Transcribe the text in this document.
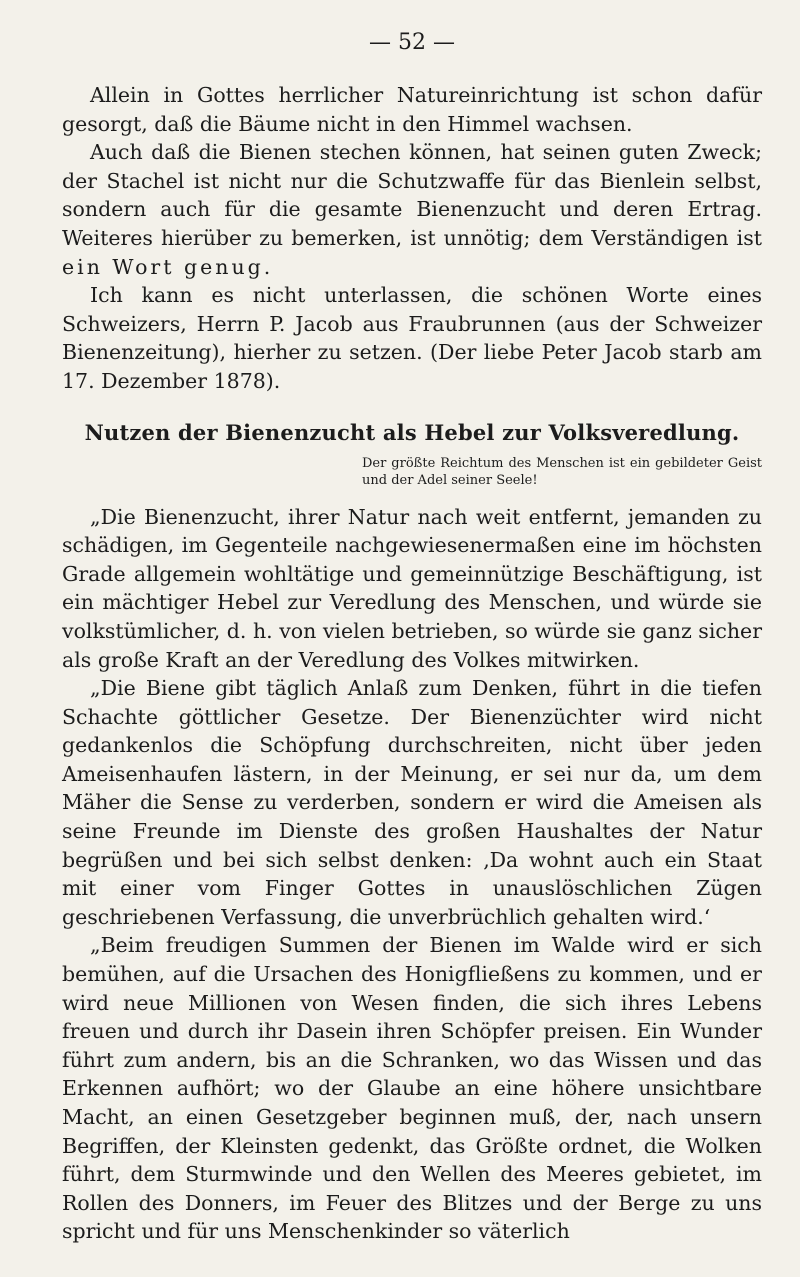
— 52 —

Allein in Gottes herrlicher Natureinrichtung ist schon dafür gesorgt, daß die Bäume nicht in den Himmel wachsen.

Auch daß die Bienen stechen können, hat seinen guten Zweck; der Stachel ist nicht nur die Schutzwaffe für das Bienlein selbst, sondern auch für die gesamte Bienenzucht und deren Ertrag. Weiteres hierüber zu bemerken, ist unnötig; dem Verständigen ist ein Wort genug.

Ich kann es nicht unterlassen, die schönen Worte eines Schweizers, Herrn P. Jacob aus Fraubrunnen (aus der Schweizer Bienenzeitung), hierher zu setzen. (Der liebe Peter Jacob starb am 17. Dezember 1878).

Nutzen der Bienenzucht als Hebel zur Volksveredlung.
Der größte Reichtum des Menschen ist ein gebildeter Geist und der Adel seiner Seele!

„Die Bienenzucht, ihrer Natur nach weit entfernt, jemanden zu schädigen, im Gegenteile nachgewiesenermaßen eine im höchsten Grade allgemein wohltätige und gemeinnützige Beschäftigung, ist ein mächtiger Hebel zur Veredlung des Menschen, und würde sie volkstümlicher, d. h. von vielen betrieben, so würde sie ganz sicher als große Kraft an der Veredlung des Volkes mitwirken.

„Die Biene gibt täglich Anlaß zum Denken, führt in die tiefen Schachte göttlicher Gesetze. Der Bienenzüchter wird nicht gedankenlos die Schöpfung durchschreiten, nicht über jeden Ameisenhaufen lästern, in der Meinung, er sei nur da, um dem Mäher die Sense zu verderben, sondern er wird die Ameisen als seine Freunde im Dienste des großen Haushaltes der Natur begrüßen und bei sich selbst denken: ‚Da wohnt auch ein Staat mit einer vom Finger Gottes in unauslöschlichen Zügen geschriebenen Verfassung, die unverbrüchlich gehalten wird.‘

„Beim freudigen Summen der Bienen im Walde wird er sich bemühen, auf die Ursachen des Honigfließens zu kommen, und er wird neue Millionen von Wesen finden, die sich ihres Lebens freuen und durch ihr Dasein ihren Schöpfer preisen. Ein Wunder führt zum andern, bis an die Schranken, wo das Wissen und das Erkennen aufhört; wo der Glaube an eine höhere unsichtbare Macht, an einen Gesetzgeber beginnen muß, der, nach unsern Begriffen, der Kleinsten gedenkt, das Größte ordnet, die Wolken führt, dem Sturmwinde und den Wellen des Meeres gebietet, im Rollen des Donners, im Feuer des Blitzes und der Berge zu uns spricht und für uns Menschenkinder so väterlich
